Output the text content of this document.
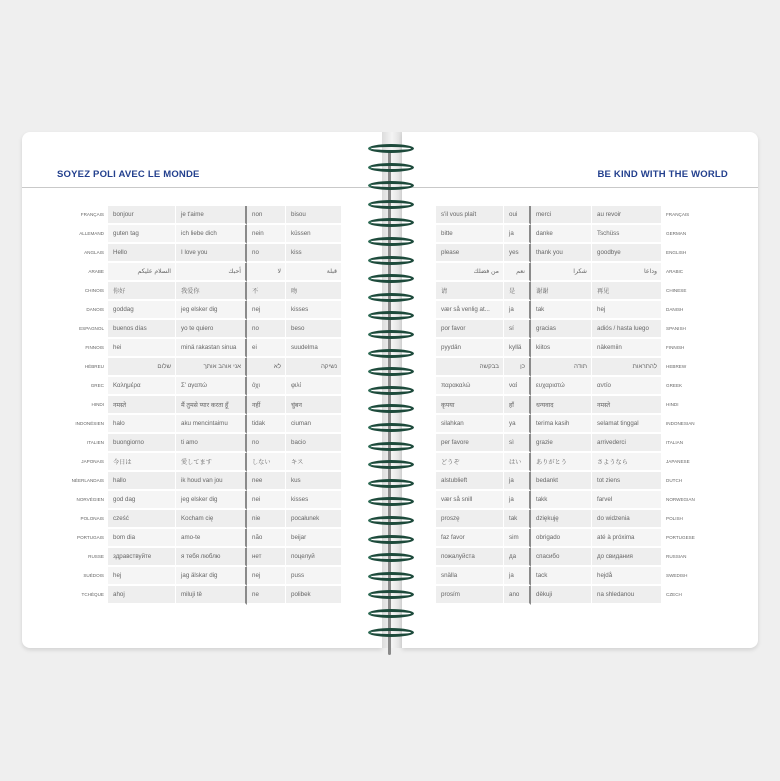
SOYEZ POLI AVEC LE MONDE
FRANÇAIS	bonjour	je t'aime	non	bisou
ALLEMAND	guten tag	ich liebe dich	nein	küssen
ANGLAIS	Hello	I love you	no	kiss
ARABE	السلام عليكم	أحبك	لا	قبلة
CHINOIS	你好	我爱你	不	吻
DANOIS	goddag	jeg elsker dig	nej	kisses
ESPAGNOL	buenos días	yo te quiero	no	beso
FINNOIS	hei	minä rakastan sinua	ei	suudelma
HÉBREU	שלום	אני אוהב אותך	לא	נשיקה
GREC	Καλημέρα	Σ' αγαπώ	όχι	φιλί
HINDI	नमस्ते	मैं तुमसे प्यार करता हूँ	नहीं	चुंबन
INDONÉSIEN	halo	aku mencintaimu	tidak	ciuman
ITALIEN	buongiorno	ti amo	no	bacio
JAPONAIS	今日は	愛してます	しない	キス
NÉERLANDAIS	hallo	ik houd van jou	nee	kus
NORVÉGIEN	god dag	jeg elsker dig	nei	kisses
POLONAIS	cześć	Kocham cię	nie	pocałunek
PORTUGAIS	bom dia	amo-te	não	beijar
RUSSE	здравствуйте	я тебя люблю	нет	поцелуй
SUÉDOIS	hej	jag älskar dig	nej	puss
TCHÈQUE	ahoj	miluji tě	ne	polibek
BE KIND WITH THE WORLD
s'il vous plaît	oui	merci	au revoir	FRANÇAIS
bitte	ja	danke	Tschüss	GERMAN
please	yes	thank you	goodbye	ENGLISH
من فضلك	نعم	شكرا	وداعا	ARABIC
请	是	谢谢	再见	CHINESE
vær så venlig at...	ja	tak	hej	DANISH
por favor	sí	gracias	adiós / hasta luego	SPANISH
pyydän	kyllä	kiitos	näkemiin	FINNISH
בבקשה	כן	תודה	להתראות	HEBREW
παρακαλώ	ναί	ευχαριστώ	αντίο	GREEK
कृपया	हाँ	धन्यवाद	नमस्ते	HINDI
silahkan	ya	terima kasih	selamat tinggal	INDONESIAN
per favore	sì	grazie	arrivederci	ITALIAN
どうぞ	はい	ありがとう	さようなら	JAPANESE
alstublieft	ja	bedankt	tot ziens	DUTCH
vær så snill	ja	takk	farvel	NORWEGIAN
proszę	tak	dziękuję	do widzenia	POLISH
faz favor	sim	obrigado	até à próxima	PORTUGESE
пожалуйста	да	спасибо	до свидания	RUSSIAN
snälla	ja	tack	hejdå	SWEDISH
prosím	ano	děkuji	na shledanou	CZECH
